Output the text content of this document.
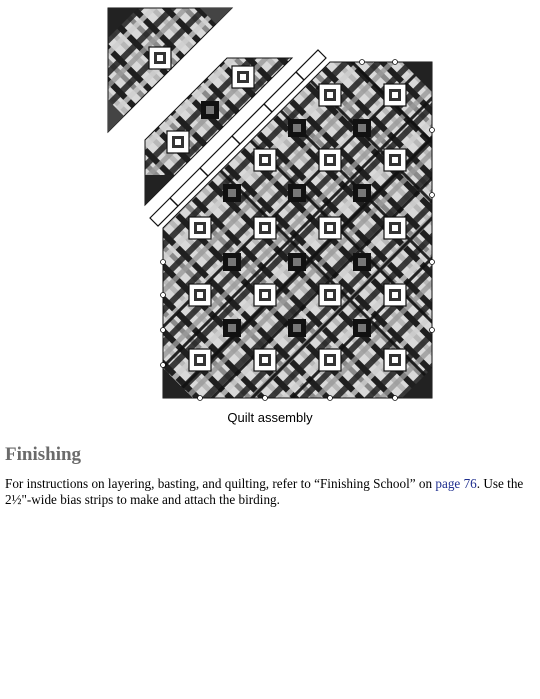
Quilt assembly
Finishing

For instructions on layering, basting, and quilting, refer to “Finishing School” on page 76. Use the 2½"-wide bias strips to make and attach the birding.
